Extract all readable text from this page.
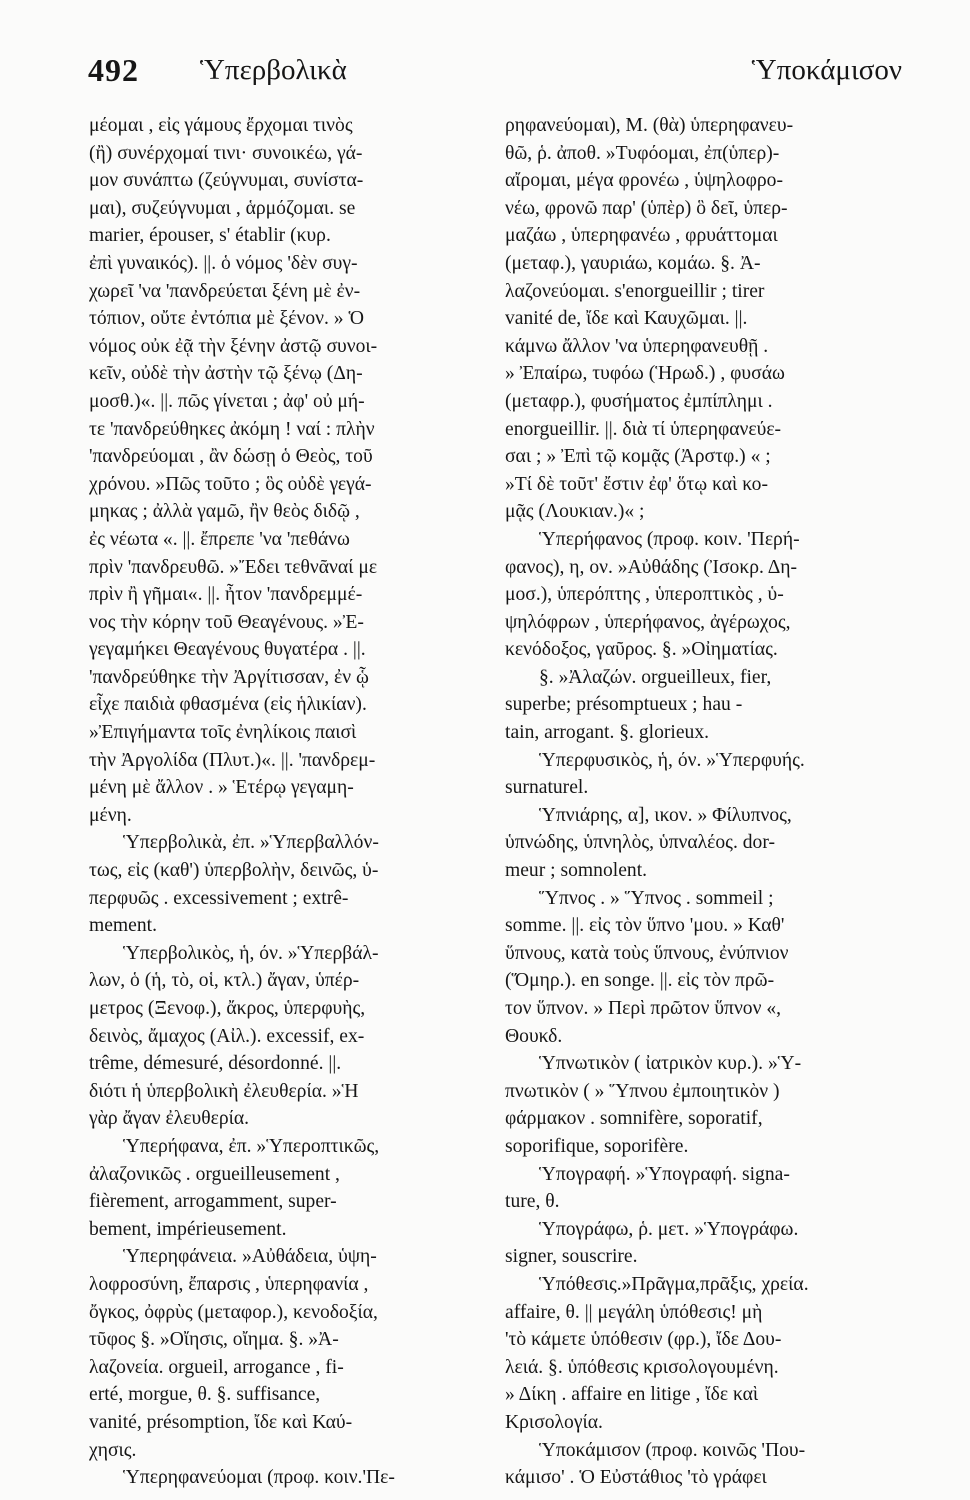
492 Ὑπερβολικὰ	Ὑποκάμισον
μέομαι , εἰς γάμους ἔρχομαι τινὸς
(ἢ) συνέρχομαί τινι· συνοικέω, γά-
μον συνάπτω (ζεύγνυμαι, συνίστα-
μαι), συζεύγνυμαι , ἁρμόζομαι. se
marier, épouser, s' établir (κυρ.
ἐπὶ γυναικός). ||. ὁ νόμος 'δὲν συγ-
χωρεῖ 'να 'πανδρεύεται ξένη μὲ ἐν-
τόπιον, οὔτε ἐντόπια μὲ ξένον. » Ὁ
νόμος οὐκ ἐᾷ τὴν ξένην ἀστῷ συνοι-
κεῖν, οὐδὲ τὴν ἀστὴν τῷ ξένῳ (Δη-
μοσθ.)«. ||. πῶς γίνεται ; ἀφ' οὐ μή-
τε 'πανδρεύθηκες ἀκόμη ! ναί : πλὴν
'πανδρεύομαι , ἂν δώσῃ ὁ Θεὸς, τοῦ
χρόνου. »Πῶς τοῦτο ; ὃς οὐδὲ γεγά-
μηκας ; ἀλλὰ γαμῶ, ἢν θεὸς διδῷ ,
ἐς νέωτα «. ||. ἔπρεπε 'να 'πεθάνω
πρὶν 'πανδρευθῶ. »Ἔδει τεθνᾶναί με
πρὶν ἢ γῆμαι«. ||. ἦτον 'πανδρεμμέ-
νος τὴν κόρην τοῦ Θεαγένους. »Ἐ-
γεγαμήκει Θεαγένους θυγατέρα . ||.
'πανδρεύθηκε τὴν Ἀργίτισσαν, ἐν ᾧ
εἶχε παιδιὰ φθασμένα (εἰς ἡλικίαν).
»Ἐπιγήμαντα τοῖς ἐνηλίκοις παισὶ
τὴν Ἀργολίδα (Πλυτ.)«. ||. 'πανδρεμ-
μένη μὲ ἄλλον . » Ἑτέρῳ γεγαμη-
μένη.
Ὑπερβολικὰ, ἐπ. »Ὑπερβαλλόν-
τως, εἰς (καθ') ὑπερβολὴν, δεινῶς, ὑ-
περφυῶς . excessivement ; extrê-
mement.
Ὑπερβολικὸς, ἡ, όν. »Ὑπερβάλ-
λων, ὁ (ἡ, τὸ, οἱ, κτλ.) ἄγαν, ὑπέρ-
μετρος (Ξενοφ.), ἄκρος, ὑπερφυὴς,
δεινὸς, ἄμαχος (Αἰλ.). excessif, ex-
trême, démesuré, désordonné. ||.
διότι ἡ ὑπερβολικὴ ἐλευθερία. »Ἡ
γὰρ ἄγαν ἐλευθερία.
Ὑπερήφανα, ἐπ. »Ὑπεροπτικῶς,
ἀλαζονικῶς . orgueilleusement ,
fièrement, arrogamment, super-
bement, impérieusement.
Ὑπερηφάνεια. »Αὐθάδεια, ὑψη-
λοφροσύνη, ἔπαρσις , ὑπερηφανία ,
ὄγκος, ὀφρὺς (μεταφορ.), κενοδοξία,
τῦφος §. »Οἴησις, οἴημα. §. »Ἀ-
λαζονεία. orgueil, arrogance , fi-
erté, morgue, θ. §. suffisance,
vanité, présomption, ἴδε καὶ Καύ-
χησις.
Ὑπερηφανεύομαι (προφ. κοιν.'Πε-
ρηφανεύομαι), Μ. (θὰ) ὑπερηφανευ-
θῶ, ῥ. ἀποθ. »Τυφόομαι, ἐπ(ὑπερ)-
αἴρομαι, μέγα φρονέω , ὑψηλοφρο-
νέω, φρονῶ παρ' (ὑπὲρ) ὃ δεῖ, ὑπερ-
μαζάω , ὑπερηφανέω , φρυάττομαι
(μεταφ.), γαυριάω, κομάω. §. Ἀ-
λαζονεύομαι. s'enorgueillir ; tirer
vanité de, ἴδε καὶ Καυχῶμαι. ||.
κάμνω ἄλλον 'να ὑπερηφανευθῇ .
» Ἐπαίρω, τυφόω (Ἡρωδ.) , φυσάω
(μεταφρ.), φυσήματος ἐμπίπλημι .
enorgueillir. ||. διὰ τί ὑπερηφανεύε-
σαι ; » Ἐπὶ τῷ κομᾷς (Ἀρστφ.) « ;
»Τί δὲ τοῦτ' ἔστιν ἐφ' ὅτῳ καὶ κο-
μᾷς (Λουκιαν.)« ;
Ὑπερήφανος (προφ. κοιν. 'Περή-
φανος), η, ον. »Αὐθάδης (Ἰσοκρ. Δη-
μοσ.), ὑπερόπτης , ὑπεροπτικὸς , ὑ-
ψηλόφρων , ὑπερήφανος, ἀγέρωχος,
κενόδοξος, γαῦρος. §. »Οἰηματίας.
§. »Ἀλαζών. orgueilleux, fier,
superbe; présomptueux ; hau -
tain, arrogant. §. glorieux.
Ὑπερφυσικὸς, ἡ, όν. »Ὑπερφυής.
surnaturel.
Ὑπνιάρης, α], ικον. » Φίλυπνος,
ὑπνώδης, ὑπνηλὸς, ὑπναλέος. dor-
meur ; somnolent.
Ὕπνος . » Ὕπνος . sommeil ;
somme. ||. εἰς τὸν ὕπνο 'μου. » Καθ'
ὕπνους, κατὰ τοὺς ὕπνους, ἐνύπνιον
(Ὅμηρ.). en songe. ||. εἰς τὸν πρῶ-
τον ὕπνον. » Περὶ πρῶτον ὕπνον «,
Θουκδ.
Ὑπνωτικὸν ( ἰατρικὸν κυρ.). »Ὑ-
πνωτικὸν ( » Ὕπνου ἐμποιητικὸν )
φάρμακον . somnifère, soporatif,
soporifique, soporifère.
Ὑπογραφή. »Ὑπογραφή. signa-
ture, θ.
Ὑπογράφω, ῥ. μετ. »Ὑπογράφω.
signer, souscrire.
Ὑπόθεσις.»Πρᾶγμα,πρᾶξις, χρεία.
affaire, θ. || μεγάλη ὑπόθεσις! μὴ
'τὸ κάμετε ὑπόθεσιν (φρ.), ἴδε Δου-
λειά. §. ὑπόθεσις κρισολογουμένη.
» Δίκη . affaire en litige , ἴδε καὶ
Κρισολογία.
Ὑποκάμισον (προφ. κοινῶς 'Που-
κάμισο' . Ὁ Εὐστάθιος 'τὸ γράφει
